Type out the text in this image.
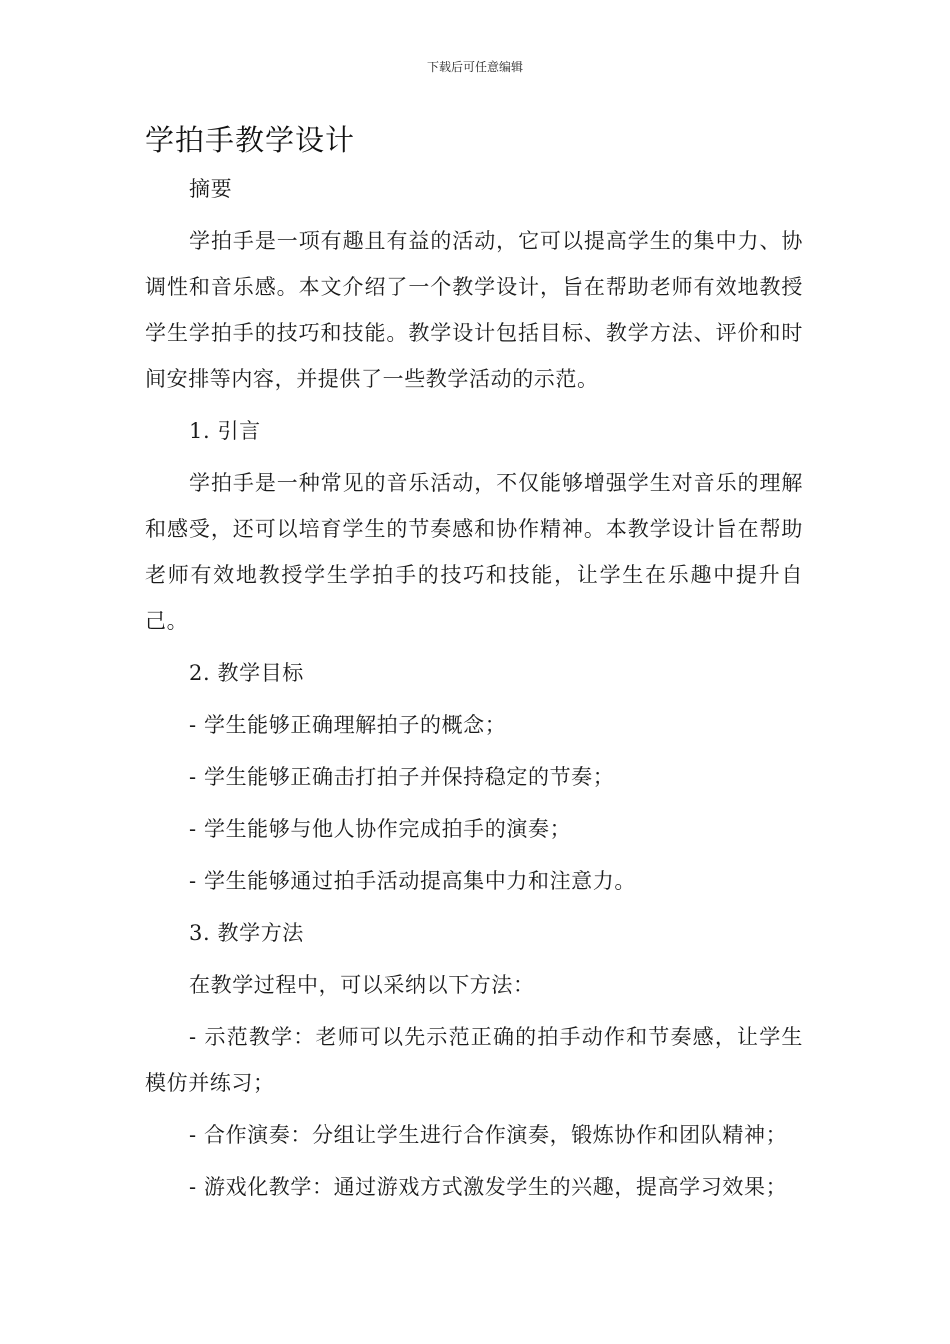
下载后可任意编辑
学拍手教学设计

摘要

学拍手是一项有趣且有益的活动，它可以提高学生的集中力、协调性和音乐感。本文介绍了一个教学设计，旨在帮助老师有效地教授学生学拍手的技巧和技能。教学设计包括目标、教学方法、评价和时间安排等内容，并提供了一些教学活动的示范。

1. 引言

学拍手是一种常见的音乐活动，不仅能够增强学生对音乐的理解和感受，还可以培育学生的节奏感和协作精神。本教学设计旨在帮助老师有效地教授学生学拍手的技巧和技能，让学生在乐趣中提升自己。

2. 教学目标

- 学生能够正确理解拍子的概念；

- 学生能够正确击打拍子并保持稳定的节奏；

- 学生能够与他人协作完成拍手的演奏；

- 学生能够通过拍手活动提高集中力和注意力。

3. 教学方法

在教学过程中，可以采纳以下方法：

- 示范教学：老师可以先示范正确的拍手动作和节奏感，让学生模仿并练习；

- 合作演奏：分组让学生进行合作演奏，锻炼协作和团队精神；

- 游戏化教学：通过游戏方式激发学生的兴趣，提高学习效果；
